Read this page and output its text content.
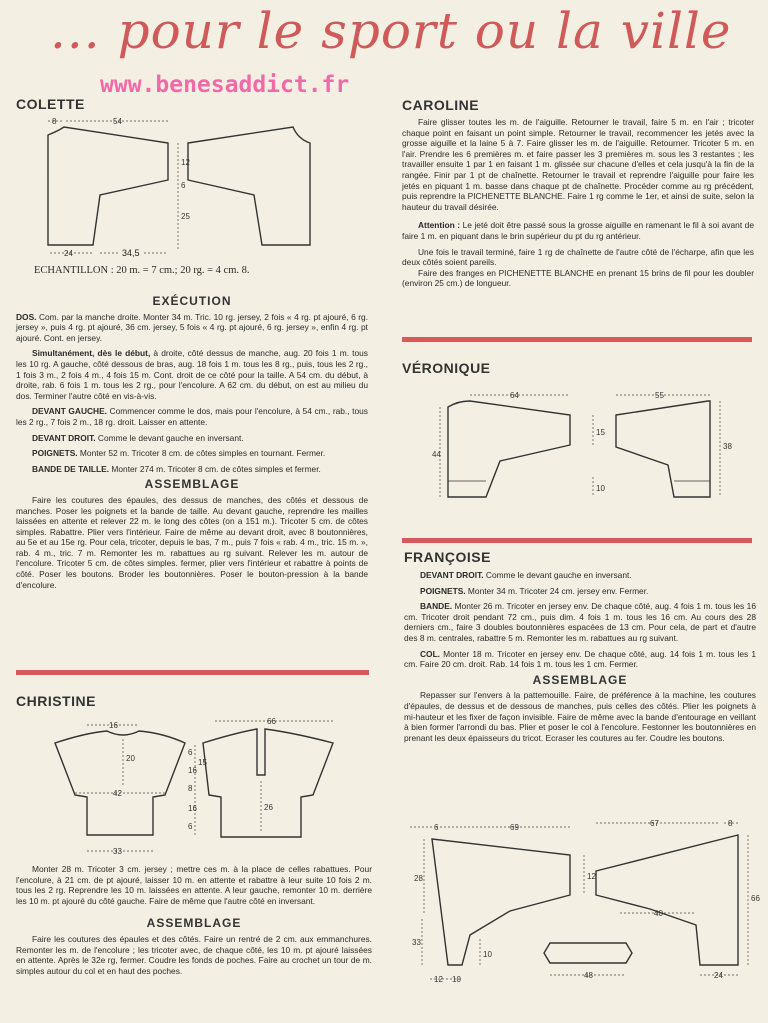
... pour le sport ou la ville
www.benesaddict.fr
COLETTE
8	54
12
6
25
24	34,5
ECHANTILLON : 20 m. = 7 cm.; 20 rg. = 4 cm. 8.
EXÉCUTION

DOS. Com. par la manche droite. Monter 34 m. Tric. 10 rg. jersey, 2 fois « 4 rg. pt ajouré, 6 rg. jersey », puis 4 rg. pt ajouré, 36 cm. jersey, 5 fois « 4 rg. pt ajouré, 6 rg. jersey », enfin 4 rg. pt ajouré. Cont. en jersey.

Simultanément, dès le début, à droite, côté dessus de manche, aug. 20 fois 1 m. tous les 10 rg. A gauche, côté dessous de bras, aug. 18 fois 1 m. tous les 8 rg., puis, tous les 2 rg., 1 fois 3 m., 2 fois 4 m., 4 fois 15 m. Cont. droit de ce côté pour la taille. A 54 cm. du début, à droite, rab. 6 fois 1 m. tous les 2 rg., pour l'encolure. A 62 cm. du début, on est au milieu du dos. Terminer l'autre côté en vis-à-vis.

DEVANT GAUCHE. Commencer comme le dos, mais pour l'encolure, à 54 cm., rab., tous les 2 rg., 7 fois 2 m., 18 rg. droit. Laisser en attente.

DEVANT DROIT. Comme le devant gauche en inversant.

POIGNETS. Monter 52 m. Tricoter 8 cm. de côtes simples en tournant. Fermer.

BANDE DE TAILLE. Monter 274 m. Tricoter 8 cm. de côtes simples et fermer.

ASSEMBLAGE

Faire les coutures des épaules, des dessus de manches, des côtés et dessous de manches. Poser les poignets et la bande de taille. Au devant gauche, reprendre les mailles laissées en attente et relever 22 m. le long des côtes (on a 151 m.). Tricoter 5 cm. de côtes simples. Rabattre. Plier vers l'intérieur. Faire de même au devant droit, avec 8 boutonnières, au 5e et au 15e rg. Pour cela, tricoter, depuis le bas, 7 m., puis 7 fois « rab. 4 m., tric. 15 m. », rab. 4 m., tric. 7 m. Remonter les m. rabattues au rg suivant. Relever les m. autour de l'encolure. Tricoter 5 cm. de côtes simples. fermer, plier vers l'intérieur et rabattre à points de côté. Poser les boutons. Broder les boutonnières. Poser le bouton-pression à la bande d'encolure.

CHRISTINE
16	66
20
42
6
16
15
26
8
16
6
33

Monter 28 m. Tricoter 3 cm. jersey ; mettre ces m. à la place de celles rabattues. Pour l'encolure, à 21 cm. de pt ajouré, laisser 10 m. en attente et rabattre à leur suite 10 fois 2 m. tous les 2 rg. Reprendre les 10 m. laissées en attente. A leur gauche, remonter 10 m. derrière les 10 m. pt ajouré du côté gauche. Faire de même que l'autre côté en inversant.

ASSEMBLAGE

Faire les coutures des épaules et des côtés. Faire un rentré de 2 cm. aux emmanchures. Remonter les m. de l'encolure ; les tricoter avec, de chaque côté, les 10 m. pt ajouré laissées en attente. Après le 32e rg, fermer. Coudre les fonds de poches. Faire au crochet un tour de m. simples autour du col et en haut des poches.

CAROLINE

Faire glisser toutes les m. de l'aiguille. Retourner le travail, faire 5 m. en l'air ; tricoter chaque point en faisant un point simple. Retourner le travail, recommencer les jetés avec la grosse aiguille et la laine 5 à 7. Faire glisser les m. de l'aiguille. Retourner. Tricoter 5 m. en l'air. Prendre les 6 premières m. et faire passer les 3 premières m. sous les 3 restantes ; les travailler ensuite 1 par 1 en faisant 1 m. glissée sur chacune d'elles et cela jusqu'à la fin de la rangée. Finir par 1 pt de chaînette. Retourner le travail et reprendre l'aiguille pour faire les jetés en piquant 1 m. basse dans chaque pt de chaînette. Procéder comme au rg précédent, puis reprendre la PICHENETTE BLANCHE. Faire 1 rg comme le 1er, et ainsi de suite, selon la hauteur du travail désirée.

Attention : Le jeté doit être passé sous la grosse aiguille en ramenant le fil à soi avant de faire 1 m. en piquant dans le brin supérieur du pt du rg antérieur.

Une fois le travail terminé, faire 1 rg de chaînette de l'autre côté de l'écharpe, afin que les deux côtés soient pareils.

Faire des franges en PICHENETTE BLANCHE en prenant 15 brins de fil pour les doubler (environ 25 cm.) de longueur.

VÉRONIQUE
64	55
44
15
10
38
FRANÇOISE

DEVANT DROIT. Comme le devant gauche en inversant.

POIGNETS. Monter 34 m. Tricoter 24 cm. jersey env. Fermer.

BANDE. Monter 26 m. Tricoter en jersey env. De chaque côté, aug. 4 fois 1 m. tous les 16 cm. Tricoter droit pendant 72 cm., puis dim. 4 fois 1 m. tous les 16 cm. Au cours des 28 derniers cm., faire 3 doubles boutonnières espacées de 13 cm. Pour cela, de part et d'autre des 8 m. centrales, rabattre 5 m. Remonter les m. rabattues au rg suivant.

COL. Monter 18 m. Tricoter en jersey env. De chaque côté, aug. 14 fois 1 m. tous les 1 cm. Faire 20 cm. droit. Rab. 14 fois 1 m. tous les 1 cm. Fermer.

ASSEMBLAGE

Repasser sur l'envers à la pattemouille. Faire, de préférence à la machine, les coutures d'épaules, de dessus et de dessous de manches, puis celles des côtés. Plier les poignets à mi-hauteur et les fixer de façon invisible. Faire de même avec la bande d'entourage en veillant à bien former l'arrondi du bas. Plier et poser le col à l'encolure. Festonner les boutonnières en prenant les deux épaisseurs du tricot. Ecraser les coutures au fer. Coudre les boutons.

6	69	67	8
12
28
40
66
33
10
48
12 10	24
